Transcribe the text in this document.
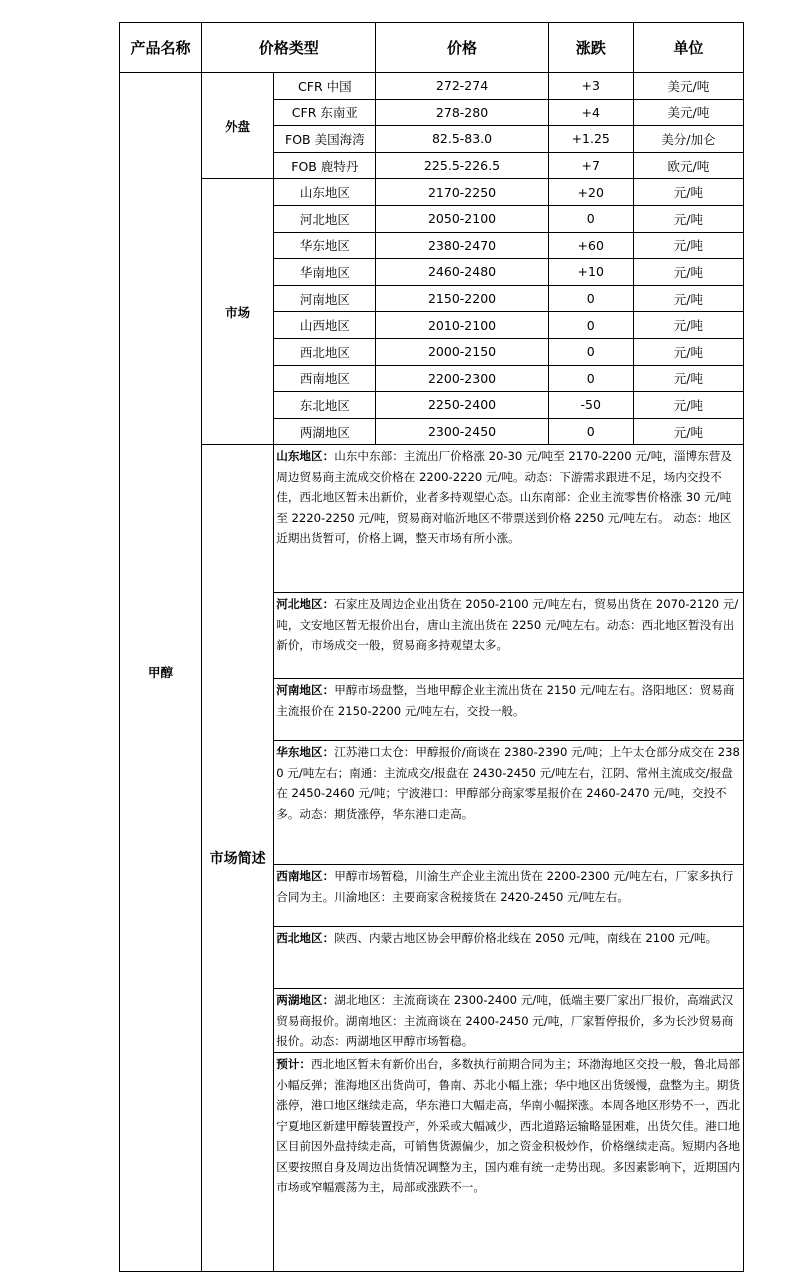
产品名称	价格类型		价格	涨跌	单位
甲醇	外盘	CFR 中国	272-274	+3	美元/吨
		CFR 东南亚	278-280	+4	美元/吨
		FOB 美国海湾	82.5-83.0	+1.25	美分/加仑
		FOB 鹿特丹	225.5-226.5	+7	欧元/吨
	市场	山东地区	2170-2250	+20	元/吨
		河北地区	2050-2100	0	元/吨
		华东地区	2380-2470	+60	元/吨
		华南地区	2460-2480	+10	元/吨
		河南地区	2150-2200	0	元/吨
		山西地区	2010-2100	0	元/吨
		西北地区	2000-2150	0	元/吨
		西南地区	2200-2300	0	元/吨
		东北地区	2250-2400	-50	元/吨
		两湖地区	2300-2450	0	元/吨
	市场简述	山东地区：山东中东部：主流出厂价格涨 20-30 元/吨至 2170-2200 元/吨，淄博东营及周边贸易商主流成交价格在 2200-2220 元/吨。动态：下游需求跟进不足，场内交投不佳，西北地区暂未出新价，业者多持观望心态。山东南部：企业主流零售价格涨 30 元/吨至 2220-2250 元/吨，贸易商对临沂地区不带票送到价格 2250 元/吨左右。 动态：地区近期出货暂可，价格上调，整天市场有所小涨。			
		河北地区：石家庄及周边企业出货在 2050-2100 元/吨左右，贸易出货在 2070-2120 元/吨，文安地区暂无报价出台，唐山主流出货在 2250 元/吨左右。动态：西北地区暂没有出新价，市场成交一般，贸易商多持观望太多。			
		河南地区：甲醇市场盘整，当地甲醇企业主流出货在 2150 元/吨左右。洛阳地区：贸易商主流报价在 2150-2200 元/吨左右，交投一般。			
		华东地区：江苏港口太仓：甲醇报价/商谈在 2380-2390 元/吨；上午太仓部分成交在 2380 元/吨左右；南通：主流成交/报盘在 2430-2450 元/吨左右，江阴、常州主流成交/报盘在 2450-2460 元/吨；宁波港口：甲醇部分商家零星报价在 2460-2470 元/吨，交投不多。动态：期货涨停，华东港口走高。			
		西南地区：甲醇市场暂稳，川渝生产企业主流出货在 2200-2300 元/吨左右，厂家多执行合同为主。川渝地区：主要商家含税接货在 2420-2450 元/吨左右。			
		西北地区：陕西、内蒙古地区协会甲醇价格北线在 2050 元/吨，南线在 2100 元/吨。			
		两湖地区：湖北地区：主流商谈在 2300-2400 元/吨，低端主要厂家出厂报价，高端武汉贸易商报价。湖南地区：主流商谈在 2400-2450 元/吨，厂家暂停报价，多为长沙贸易商报价。动态：两湖地区甲醇市场暂稳。			
		预计：西北地区暂未有新价出台，多数执行前期合同为主；环渤海地区交投一般，鲁北局部小幅反弹；淮海地区出货尚可，鲁南、苏北小幅上涨；华中地区出货缓慢，盘整为主。期货涨停，港口地区继续走高，华东港口大幅走高，华南小幅探涨。本周各地区形势不一，西北宁夏地区新建甲醇装置投产，外采或大幅减少，西北道路运输略显困难，出货欠佳。港口地区目前因外盘持续走高，可销售货源偏少，加之资金积极炒作，价格继续走高。短期内各地区要按照自身及周边出货情况调整为主，国内难有统一走势出现。多因素影响下，近期国内市场或窄幅震荡为主，局部或涨跌不一。			
